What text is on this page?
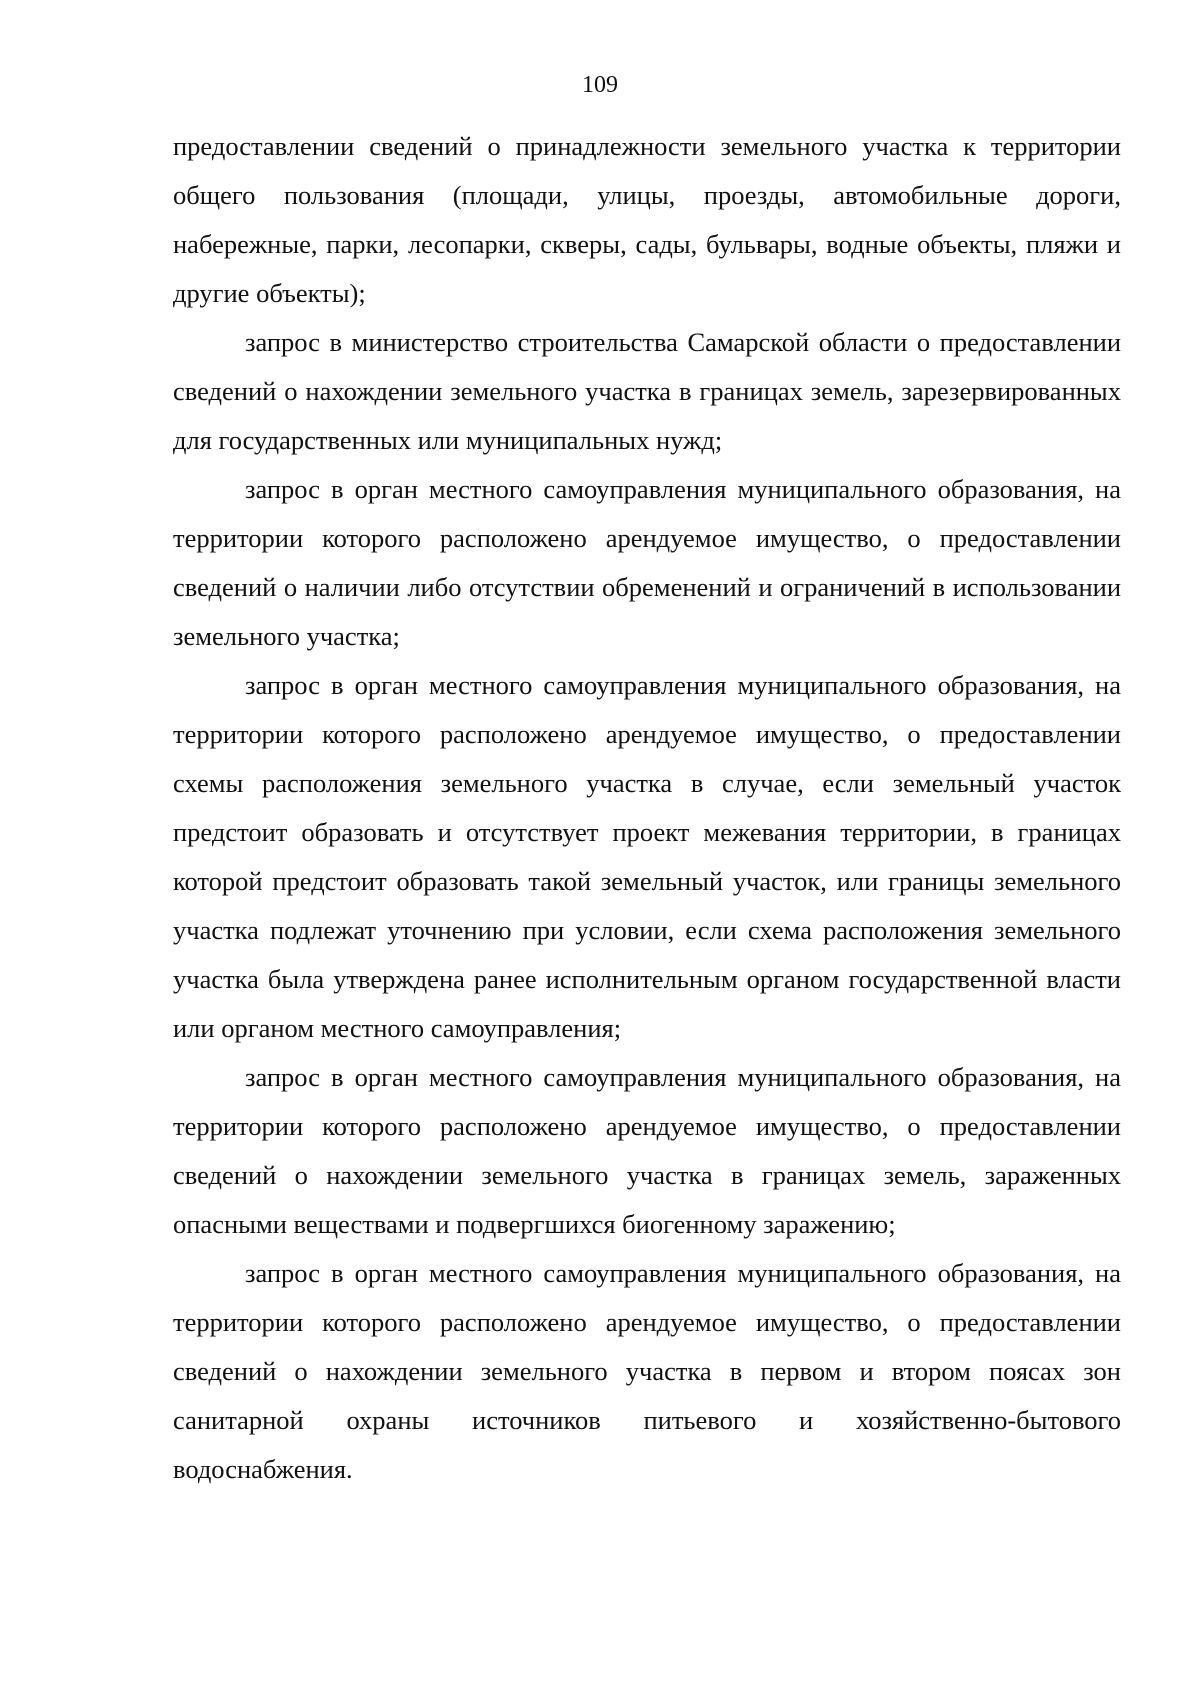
109

предоставлении сведений о принадлежности земельного участка к территории общего пользования (площади, улицы, проезды, автомобильные дороги, набережные, парки, лесопарки, скверы, сады, бульвары, водные объекты, пляжи и другие объекты);

запрос в министерство строительства Самарской области о предоставлении сведений о нахождении земельного участка в границах земель, зарезервированных для государственных или муниципальных нужд;

запрос в орган местного самоуправления муниципального образования, на территории которого расположено арендуемое имущество, о предоставлении сведений о наличии либо отсутствии обременений и ограничений в использовании земельного участка;

запрос в орган местного самоуправления муниципального образования, на территории которого расположено арендуемое имущество, о предоставлении схемы расположения земельного участка в случае, если земельный участок предстоит образовать и отсутствует проект межевания территории, в границах которой предстоит образовать такой земельный участок, или границы земельного участка подлежат уточнению при условии, если схема расположения земельного участка была утверждена ранее исполнительным органом государственной власти или органом местного самоуправления;

запрос в орган местного самоуправления муниципального образования, на территории которого расположено арендуемое имущество, о предоставлении сведений о нахождении земельного участка в границах земель, зараженных опасными веществами и подвергшихся биогенному заражению;

запрос в орган местного самоуправления муниципального образования, на территории которого расположено арендуемое имущество, о предоставлении сведений о нахождении земельного участка в первом и втором поясах зон санитарной охраны источников питьевого и хозяйственно-бытового водоснабжения.
